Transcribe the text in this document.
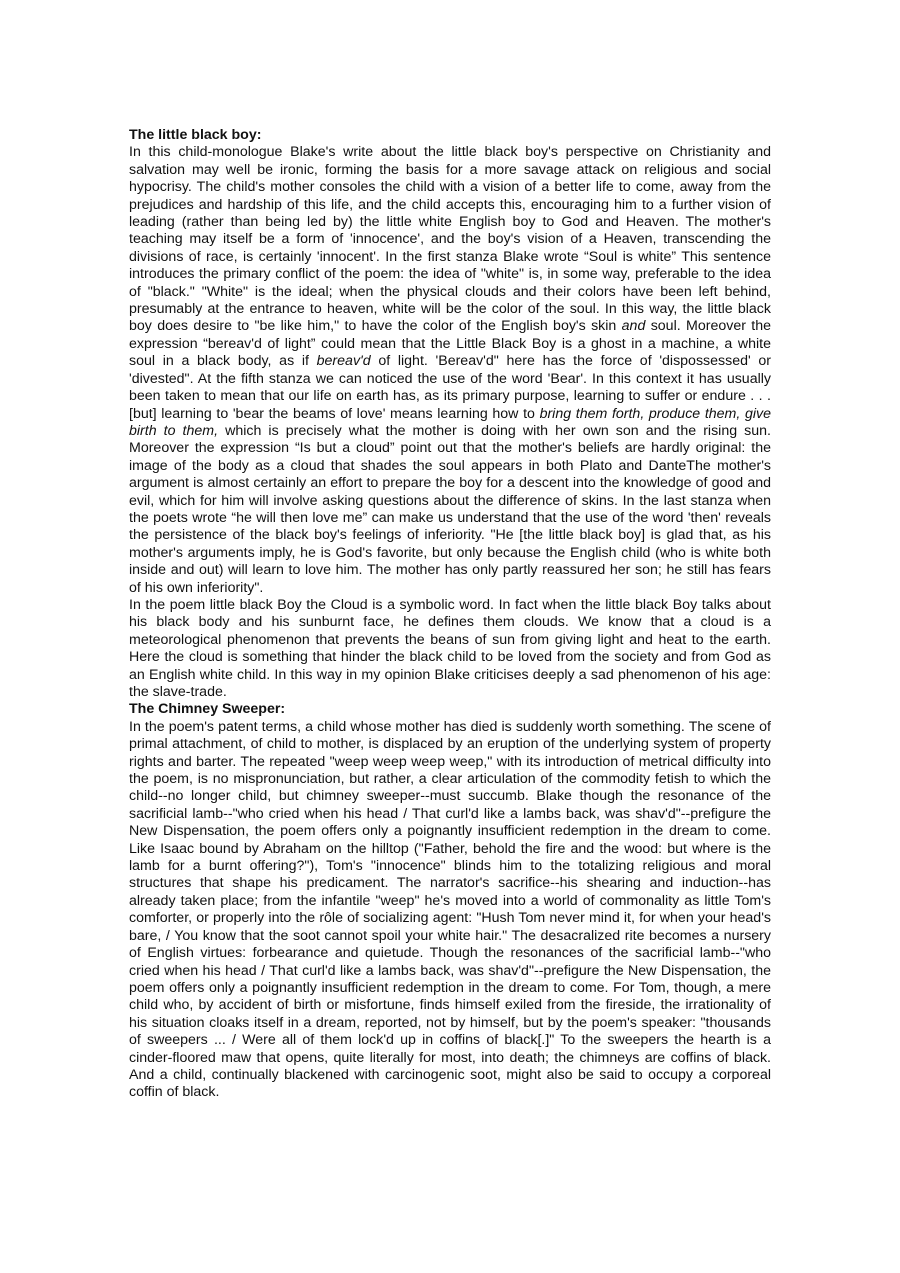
The little black boy:

In this child-monologue Blake's write about the little black boy's perspective on Christianity and salvation may well be ironic, forming the basis for a more savage attack on religious and social hypocrisy. The child's mother consoles the child with a vision of a better life to come, away from the prejudices and hardship of this life, and the child accepts this, encouraging him to a further vision of leading (rather than being led by) the little white English boy to God and Heaven. The mother's teaching may itself be a form of 'innocence', and the boy's vision of a Heaven, transcending the divisions of race, is certainly 'innocent'. In the first stanza Blake wrote “Soul is white” This sentence introduces the primary conflict of the poem: the idea of "white" is, in some way, preferable to the idea of "black." "White" is the ideal; when the physical clouds and their colors have been left behind, presumably at the entrance to heaven, white will be the color of the soul. In this way, the little black boy does desire to "be like him," to have the color of the English boy's skin and soul. Moreover the expression “bereav'd of light” could mean that the Little Black Boy is a ghost in a machine, a white soul in a black body, as if bereav'd of light. 'Bereav'd" here has the force of 'dispossessed' or 'divested". At the fifth stanza we can noticed the use of the word 'Bear'. In this context it has usually been taken to mean that our life on earth has, as its primary purpose, learning to suffer or endure . . . [but] learning to 'bear the beams of love' means learning how to bring them forth, produce them, give birth to them, which is precisely what the mother is doing with her own son and the rising sun. Moreover the expression “Is but a cloud” point out that the mother's beliefs are hardly original: the image of the body as a cloud that shades the soul appears in both Plato and DanteThe mother's argument is almost certainly an effort to prepare the boy for a descent into the knowledge of good and evil, which for him will involve asking questions about the difference of skins. In the last stanza when the poets wrote “he will then love me” can make us understand that the use of the word 'then' reveals the persistence of the black boy's feelings of inferiority. "He [the little black boy] is glad that, as his mother's arguments imply, he is God's favorite, but only because the English child (who is white both inside and out) will learn to love him. The mother has only partly reassured her son; he still has fears of his own inferiority".

In the poem little black Boy the Cloud is a symbolic word. In fact when the little black Boy talks about his black body and his sunburnt face, he defines them clouds. We know that a cloud is a meteorological phenomenon that prevents the beans of sun from giving light and heat to the earth. Here the cloud is something that hinder the black child to be loved from the society and from God as an English white child. In this way in my opinion Blake criticises deeply a sad phenomenon of his age: the slave-trade.

The Chimney Sweeper:

In the poem's patent terms, a child whose mother has died is suddenly worth something. The scene of primal attachment, of child to mother, is displaced by an eruption of the underlying system of property rights and barter. The repeated "weep weep weep weep," with its introduction of metrical difficulty into the poem, is no mispronunciation, but rather, a clear articulation of the commodity fetish to which the child--no longer child, but chimney sweeper--must succumb. Blake though the resonance of the sacrificial lamb--"who cried when his head / That curl'd like a lambs back, was shav'd"--prefigure the New Dispensation, the poem offers only a poignantly insufficient redemption in the dream to come. Like Isaac bound by Abraham on the hilltop ("Father, behold the fire and the wood: but where is the lamb for a burnt offering?"), Tom's "innocence" blinds him to the totalizing religious and moral structures that shape his predicament. The narrator's sacrifice--his shearing and induction--has already taken place; from the infantile "weep" he's moved into a world of commonality as little Tom's comforter, or properly into the rôle of socializing agent: "Hush Tom never mind it, for when your head's bare, / You know that the soot cannot spoil your white hair." The desacralized rite becomes a nursery of English virtues: forbearance and quietude. Though the resonances of the sacrificial lamb--"who cried when his head / That curl'd like a lambs back, was shav'd"--prefigure the New Dispensation, the poem offers only a poignantly insufficient redemption in the dream to come. For Tom, though, a mere child who, by accident of birth or misfortune, finds himself exiled from the fireside, the irrationality of his situation cloaks itself in a dream, reported, not by himself, but by the poem's speaker: "thousands of sweepers ... / Were all of them lock'd up in coffins of black[.]" To the sweepers the hearth is a cinder-floored maw that opens, quite literally for most, into death; the chimneys are coffins of black. And a child, continually blackened with carcinogenic soot, might also be said to occupy a corporeal coffin of black.
